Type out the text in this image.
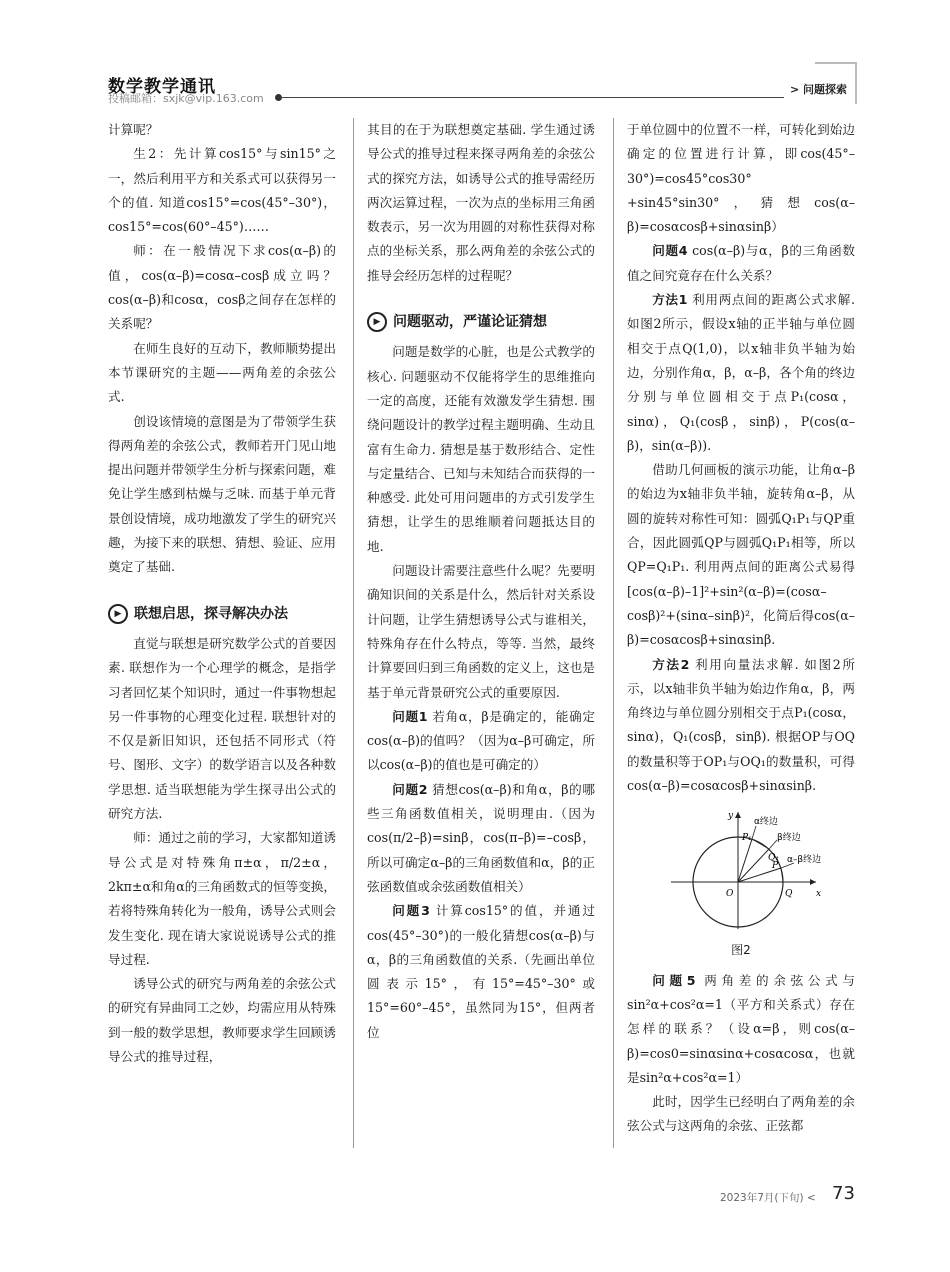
数学教学通讯
投稿邮箱：sxjk@vip.163.com
> 问题探索

计算呢？

生2：先计算cos15°与sin15°之一，然后利用平方和关系式可以获得另一个的值. 知道cos15°=cos(45°–30°)，cos15°=cos(60°–45°)……

师：在一般情况下求cos(α–β)的值，cos(α–β)=cosα–cosβ成立吗？cos(α–β)和cosα，cosβ之间存在怎样的关系呢？

在师生良好的互动下，教师顺势提出本节课研究的主题——两角差的余弦公式.

创设该情境的意图是为了带领学生获得两角差的余弦公式，教师若开门见山地提出问题并带领学生分析与探索问题，难免让学生感到枯燥与乏味. 而基于单元背景创设情境，成功地激发了学生的研究兴趣，为接下来的联想、猜想、验证、应用奠定了基础.

▶ 联想启思，探寻解决办法

直觉与联想是研究数学公式的首要因素. 联想作为一个心理学的概念，是指学习者回忆某个知识时，通过一件事物想起另一件事物的心理变化过程. 联想针对的不仅是新旧知识，还包括不同形式（符号、图形、文字）的数学语言以及各种数学思想. 适当联想能为学生探寻出公式的研究方法.

师：通过之前的学习，大家都知道诱导公式是对特殊角π±α，π/2±α，2kπ±α和角α的三角函数式的恒等变换，若将特殊角转化为一般角，诱导公式则会发生变化. 现在请大家说说诱导公式的推导过程.

诱导公式的研究与两角差的余弦公式的研究有异曲同工之妙，均需应用从特殊到一般的数学思想，教师要求学生回顾诱导公式的推导过程，

其目的在于为联想奠定基础. 学生通过诱导公式的推导过程来探寻两角差的余弦公式的探究方法，如诱导公式的推导需经历两次运算过程，一次为点的坐标用三角函数表示，另一次为用圆的对称性获得对称点的坐标关系，那么两角差的余弦公式的推导会经历怎样的过程呢？

▶ 问题驱动，严谨论证猜想

问题是数学的心脏，也是公式教学的核心. 问题驱动不仅能将学生的思维推向一定的高度，还能有效激发学生猜想. 围绕问题设计的教学过程主题明确、生动且富有生命力. 猜想是基于数形结合、定性与定量结合、已知与未知结合而获得的一种感受. 此处可用问题串的方式引发学生猜想，让学生的思维顺着问题抵达目的地.

问题设计需要注意些什么呢？先要明确知识间的关系是什么，然后针对关系设计问题，让学生猜想诱导公式与谁相关，特殊角存在什么特点，等等. 当然，最终计算要回归到三角函数的定义上，这也是基于单元背景研究公式的重要原因.

问题1 若角α，β是确定的，能确定cos(α–β)的值吗？（因为α–β可确定，所以cos(α–β)的值也是可确定的）

问题2 猜想cos(α–β)和角α，β的哪些三角函数值相关，说明理由.（因为cos(π/2–β)=sinβ，cos(π–β)=–cosβ，所以可确定α–β的三角函数值和α，β的正弦函数值或余弦函数值相关）

问题3 计算cos15°的值，并通过cos(45°–30°)的一般化猜想cos(α–β)与α，β的三角函数值的关系.（先画出单位圆表示15°，有15°=45°–30°或15°=60°–45°，虽然同为15°，但两者位

于单位圆中的位置不一样，可转化到始边确定的位置进行计算，即cos(45°–30°)=cos45°cos30°+sin45°sin30°，猜想cos(α–β)=cosαcosβ+sinαsinβ）

问题4 cos(α–β)与α，β的三角函数值之间究竟存在什么关系？

方法1 利用两点间的距离公式求解. 如图2所示，假设x轴的正半轴与单位圆相交于点Q(1,0)，以x轴非负半轴为始边，分别作角α，β，α–β，各个角的终边分别与单位圆相交于点P₁(cosα，sinα)，Q₁(cosβ，sinβ)，P(cos(α–β)，sin(α–β)).

借助几何画板的演示功能，让角α–β的始边为x轴非负半轴，旋转角α–β，从圆的旋转对称性可知：圆弧Q₁P₁与QP重合，因此圆弧QP与圆弧Q₁P₁相等，所以QP=Q₁P₁. 利用两点间的距离公式易得[cos(α–β)–1]²+sin²(α–β)=(cosα–cosβ)²+(sinα–sinβ)²，化简后得cos(α–β)=cosαcosβ+sinαsinβ.

方法2 利用向量法求解. 如图2所示，以x轴非负半轴为始边作角α，β，两角终边与单位圆分别相交于点P₁(cosα，sinα)，Q₁(cosβ，sinβ). 根据OP与OQ的数量积等于OP₁与OQ₁的数量积，可得cos(α–β)=cosαcosβ+sinαsinβ.

y
x
O	Q
P
P₁
Q₁
α终边
β终边
α–β终边
图2

问题5 两角差的余弦公式与sin²α+cos²α=1（平方和关系式）存在怎样的联系？（设α=β，则cos(α–β)=cos0=sinαsinα+cosαcosα，也就是sin²α+cos²α=1）

此时，因学生已经明白了两角差的余弦公式与这两角的余弦、正弦都

2023年7月(下旬) < 73
